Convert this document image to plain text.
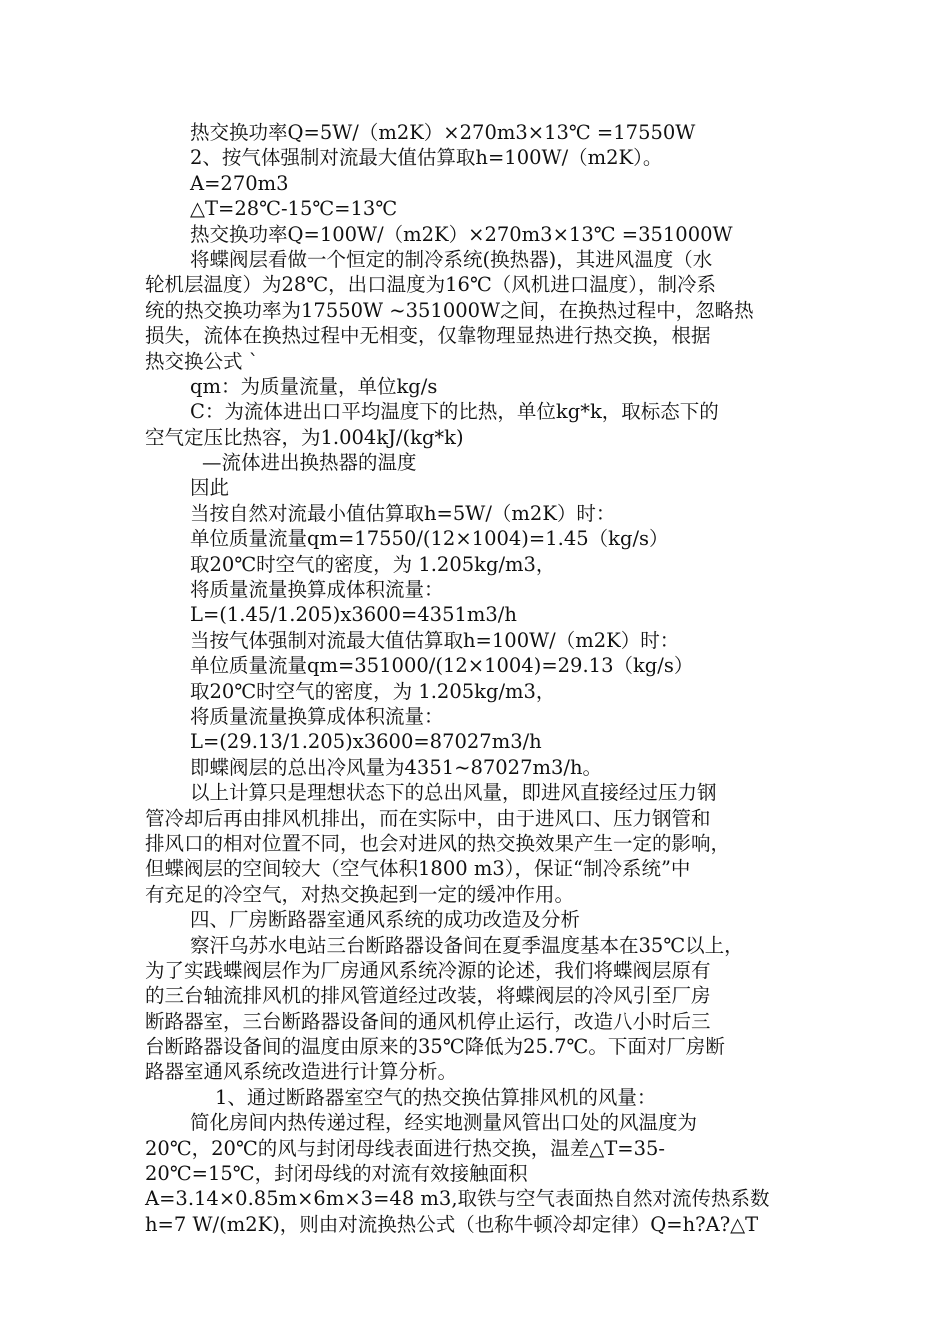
热交换功率Q=5W/（m2K）×270m3×13℃ =17550W
2、按气体强制对流最大值估算取h=100W/（m2K）。
A=270m3
△T=28℃-15℃=13℃
热交换功率Q=100W/（m2K）×270m3×13℃ =351000W
将蝶阀层看做一个恒定的制冷系统(换热器)，其进风温度（水
轮机层温度）为28℃，出口温度为16℃（风机进口温度），制冷系
统的热交换功率为17550W ~351000W之间，在换热过程中，忽略热
损失，流体在换热过程中无相变，仅靠物理显热进行热交换，根据
热交换公式 `
qm：为质量流量，单位kg/s
C：为流体进出口平均温度下的比热，单位kg*k，取标态下的
空气定压比热容，为1.004kJ/(kg*k)
—流体进出换热器的温度
因此
当按自然对流最小值估算取h=5W/（m2K）时：
单位质量流量qm=17550/(12×1004)=1.45（kg/s）
取20℃时空气的密度，为 1.205kg/m3，
将质量流量换算成体积流量：
L=(1.45/1.205)x3600=4351m3/h
当按气体强制对流最大值估算取h=100W/（m2K）时：
单位质量流量qm=351000/(12×1004)=29.13（kg/s）
取20℃时空气的密度，为 1.205kg/m3，
将质量流量换算成体积流量：
L=(29.13/1.205)x3600=87027m3/h
即蝶阀层的总出冷风量为4351~87027m3/h。
以上计算只是理想状态下的总出风量，即进风直接经过压力钢
管冷却后再由排风机排出，而在实际中，由于进风口、压力钢管和
排风口的相对位置不同，也会对进风的热交换效果产生一定的影响，
但蝶阀层的空间较大（空气体积1800 m3），保证“制冷系统”中
有充足的冷空气，对热交换起到一定的缓冲作用。
四、厂房断路器室通风系统的成功改造及分析
察汗乌苏水电站三台断路器设备间在夏季温度基本在35℃以上，
为了实践蝶阀层作为厂房通风系统冷源的论述，我们将蝶阀层原有
的三台轴流排风机的排风管道经过改装，将蝶阀层的冷风引至厂房
断路器室，三台断路器设备间的通风机停止运行，改造八小时后三
台断路器设备间的温度由原来的35℃降低为25.7℃。下面对厂房断
路器室通风系统改造进行计算分析。
1、通过断路器室空气的热交换估算排风机的风量：
简化房间内热传递过程，经实地测量风管出口处的风温度为
20℃，20℃的风与封闭母线表面进行热交换，温差△T=35-
20℃=15℃，封闭母线的对流有效接触面积
A=3.14×0.85m×6m×3=48 m3,取铁与空气表面热自然对流传热系数
h=7 W/(m2K)，则由对流换热公式（也称牛顿冷却定律）Q=h?A?△T
